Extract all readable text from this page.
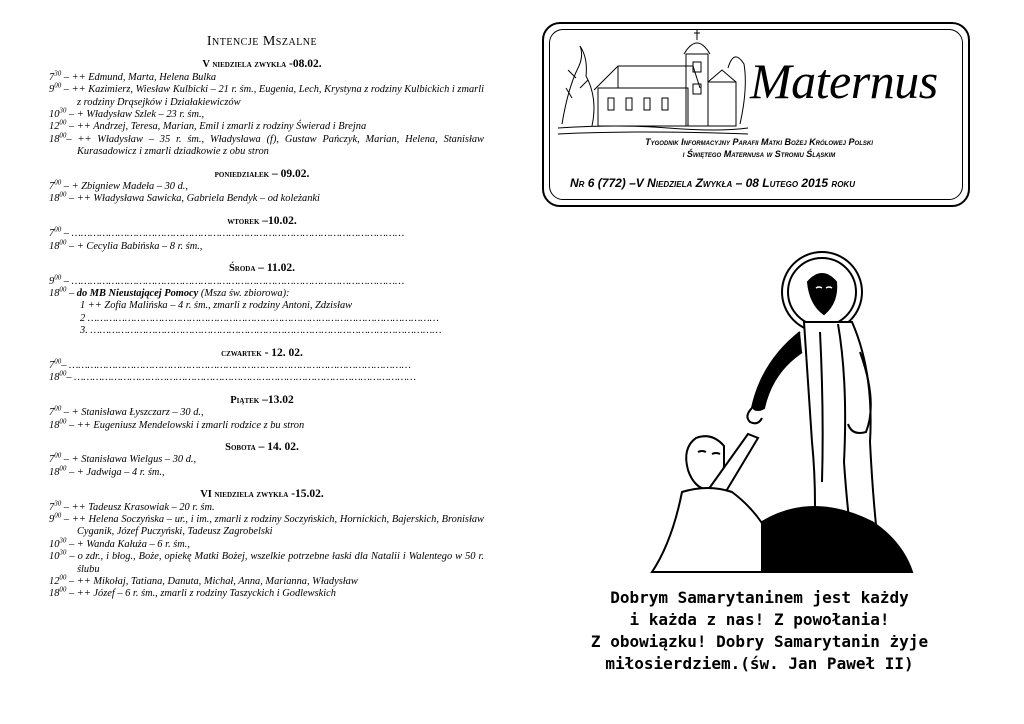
Intencje Mszalne
V niedziela zwykła -08.02.
$7^{30}$ – ++ Edmund, Marta, Helena Bulka
$9^{00}$ – ++ Kazimierz, Wiesław Kulbicki – 21 r. śm., Eugenia, Lech, Krystyna z rodziny Kulbickich i zmarli z rodziny Drąsejków i Działakiewiczów
$10^{30}$ – + Władysław Szlek – 23 r. śm.,
$12^{00}$ – ++ Andrzej, Teresa, Marian, Emil i zmarli z rodziny Świerad i Brejna
$18^{00}-$ ++ Władysław – 35 r. śm., Władysława (f), Gustaw Pańczyk, Marian, Helena, Stanisław Kurasadowicz i zmarli dziadkowie z obu stron
poniedziałek – 09.02.
$7^{00}$ – + Zbigniew Madeła – 30 d.,
$18^{00}$ – ++ Władysława Sawicka, Gabriela Bendyk – od koleżanki
wtorek –10.02.
$7^{00}$ – ………………………………………………………………………………………………
$18^{00}$ – + Cecylia Babińska – 8 r. śm.,
Środa – 11.02.
$9^{00}$ – ………………………………………………………………………………………………
$18^{00}$ – do MB Nieustającej Pomocy (Msza św. zbiorowa):
1 ++ Zofia Malińska – 4 r. śm., zmarli z rodziny Antoni, Zdzisław
2 ……………………………………………………………………………………………………
3. ……………………………………………………………………………………………………
czwartek - 12. 02.
$7^{00}-$ …………………………………………………………………………………………………
$18^{00}-$ …………………………………………………………………………………………………
Piątek –13.02
$7^{00}$ – + Stanisława Łyszczarz – 30 d.,
$18^{00}$ – ++ Eugeniusz Mendelowski i zmarli rodzice z bu stron
Sobota – 14. 02.
$7^{00}$ – + Stanisława Wielgus – 30 d.,
$18^{00}$ – + Jadwiga – 4 r. śm.,
VI niedziela zwykła -15.02.
$7^{30}$ – ++ Tadeusz Krasowiak – 20 r. śm.
$9^{00}$ – ++ Helena Soczyńska – ur., i im., zmarli z rodziny Soczyńskich, Hornickich, Bajerskich, Bronisław Cyganik, Józef Puczyński, Tadeusz Zagrobelski
$10^{30}$ – + Wanda Kałuża – 6 r. śm.,
$10^{30}$ – o zdr., i błog., Boże, opiekę Matki Bożej, wszelkie potrzebne łaski dla Natalii i Walentego w 50 r. ślubu
$12^{00}$ – ++ Mikołaj, Tatiana, Danuta, Michał, Anna, Marianna, Władysław
$18^{00}$ – ++ Józef – 6 r. śm., zmarli z rodziny Taszyckich i Godlewskich
Maternus
Tygodnik Informacyjny Parafii Matki Bożej Królowej Polski
i Świętego Maternusa w Stroniu Śląskim
Nr 6 (772) –V Niedziela Zwykła – 08 Lutego 2015 roku
Dobrym Samarytaninem jest każdy
i każda z nas! Z powołania!
Z obowiązku! Dobry Samarytanin żyje
miłosierdziem.(św. Jan Paweł II)
